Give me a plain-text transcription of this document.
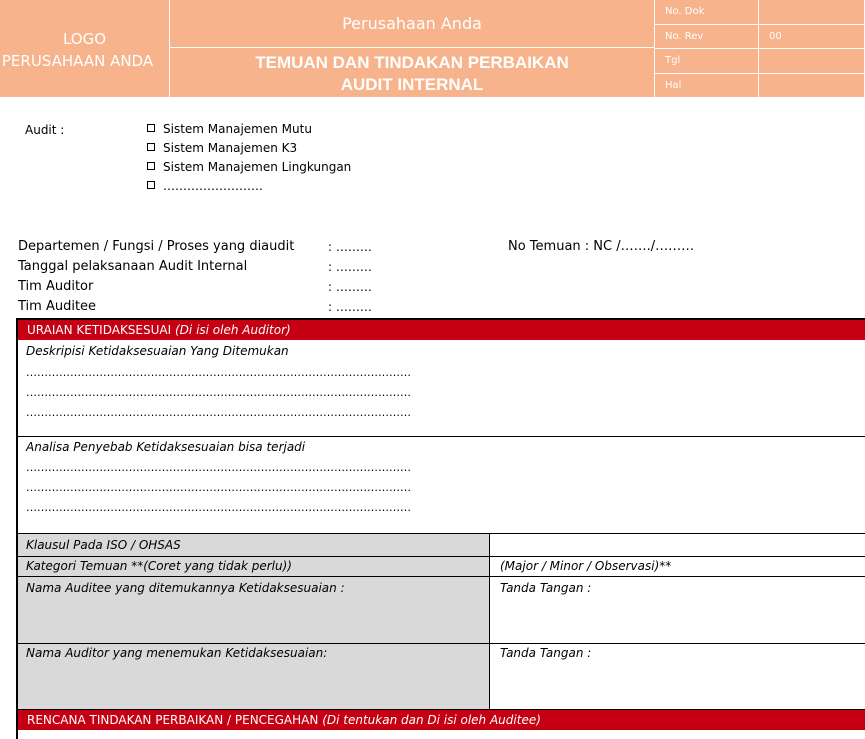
LOGO
PERUSAHAAN ANDA
Perusahaan Anda
TEMUAN DAN TINDAKAN PERBAIKAN
AUDIT INTERNAL
No. Dok
No. Rev	00
Tgl
Hal
Audit :	Sistem Manajemen Mutu
Sistem Manajemen K3
Sistem Manajemen Lingkungan
…………………….
Departemen / Fungsi / Proses yang diaudit	: ………
Tanggal pelaksanaan Audit Internal	: ………
Tim Auditor	: ………
Tim Auditee	: ………
No Temuan : NC /……./………
URAIAN KETIDAKSESUAI (Di isi oleh Auditor)
Deskripisi Ketidaksesuaian Yang Ditemukan
……………………………………………………………………………………………
……………………………………………………………………………………………
……………………………………………………………………………………………
Analisa Penyebab Ketidaksesuaian bisa terjadi
……………………………………………………………………………………………
……………………………………………………………………………………………
……………………………………………………………………………………………
Klausul Pada ISO / OHSAS
Kategori Temuan **(Coret yang tidak perlu))	(Major / Minor / Observasi)**
Nama Auditee yang ditemukannya Ketidaksesuaian :	Tanda Tangan :
Nama Auditor yang menemukan Ketidaksesuaian:	Tanda Tangan :
RENCANA TINDAKAN PERBAIKAN / PENCEGAHAN (Di tentukan dan Di isi oleh Auditee)
